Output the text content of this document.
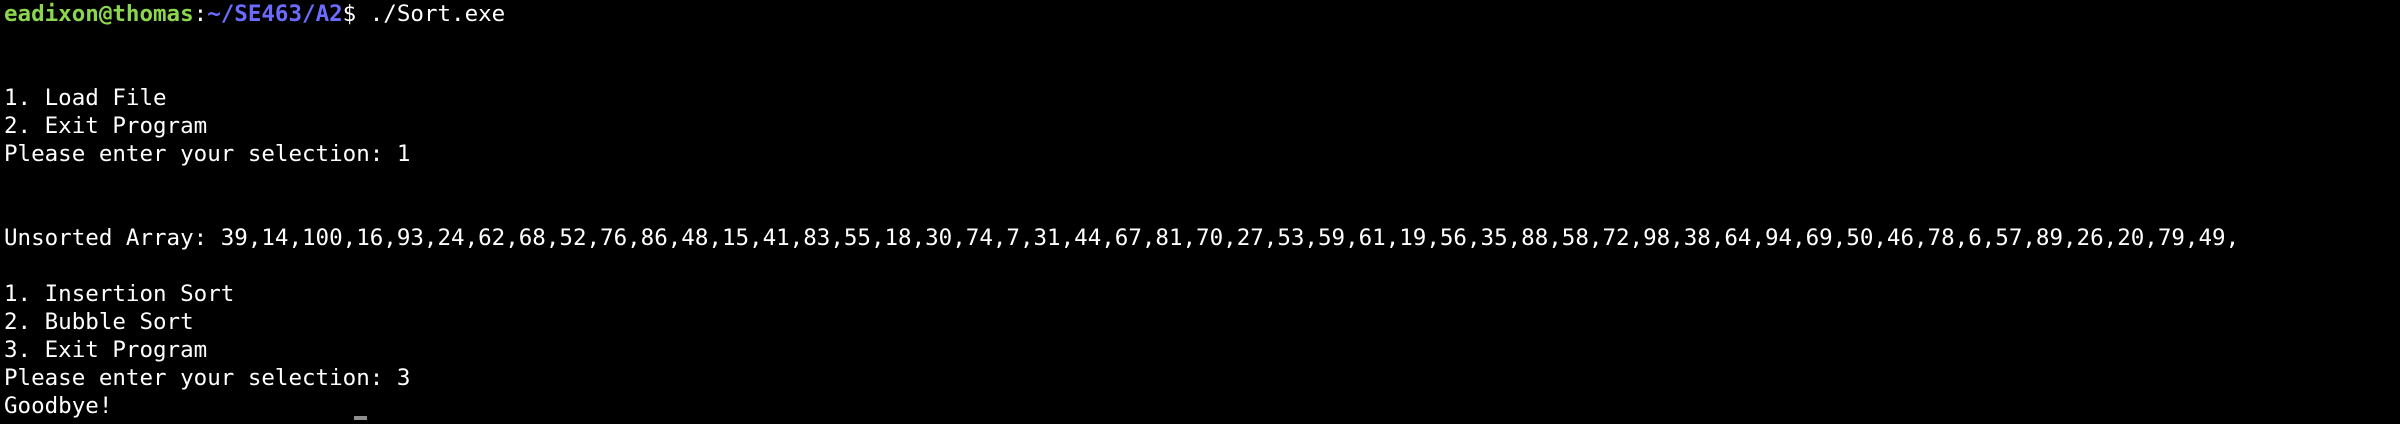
eadixon@thomas:~/SE463/A2$ ./Sort.exe
1. Load File
2. Exit Program
Please enter your selection: 1
Unsorted Array: 39,14,100,16,93,24,62,68,52,76,86,48,15,41,83,55,18,30,74,7,31,44,67,81,70,27,53,59,61,19,56,35,88,58,72,98,38,64,94,69,50,46,78,6,57,89,26,20,79,49,
1. Insertion Sort
2. Bubble Sort
3. Exit Program
Please enter your selection: 3
Goodbye!
